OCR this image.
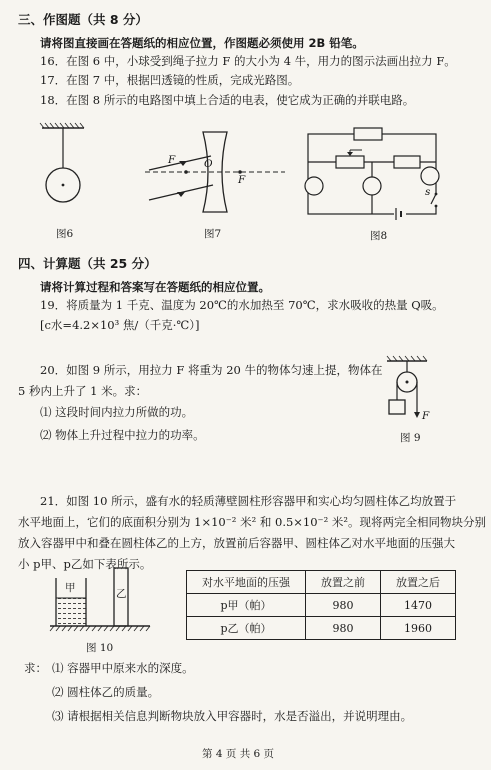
三、作图题（共 8 分）
请将图直接画在答题纸的相应位置，作图题必须使用 2B 铅笔。
16．在图 6 中，小球受到绳子拉力 F 的大小为 4 牛，用力的图示法画出拉力 F。
17．在图 7 中，根据凹透镜的性质，完成光路图。
18．在图 8 所示的电路图中填上合适的电表，使它成为正确的并联电路。
图6
F	O
F
图7
s
图8
四、计算题（共 25 分）
请将计算过程和答案写在答题纸的相应位置。
19．将质量为 1 千克、温度为 20℃的水加热至 70℃，求水吸收的热量 Q吸。
[c水=4.2×10³ 焦/（千克·℃）]
20．如图 9 所示，用拉力 F 将重为 20 牛的物体匀速上提，物体在
5 秒内上升了 1 米。求：
⑴ 这段时间内拉力所做的功。
⑵ 物体上升过程中拉力的功率。
F
图 9
21．如图 10 所示，盛有水的轻质薄壁圆柱形容器甲和实心均匀圆柱体乙均放置于
水平地面上，它们的底面积分别为 1×10⁻² 米² 和 0.5×10⁻² 米²。现将两完全相同物块分别
放入容器甲中和叠在圆柱体乙的上方，放置前后容器甲、圆柱体乙对水平地面的压强大
小 p甲、p乙如下表所示。
甲	乙
图 10
对水平地面的压强	放置之前	放置之后
p甲（帕）	980	1470
p乙（帕）	980	1960
求： ⑴ 容器甲中原来水的深度。
⑵ 圆柱体乙的质量。
⑶ 请根据相关信息判断物块放入甲容器时，水是否溢出，并说明理由。
第 4 页 共 6 页
